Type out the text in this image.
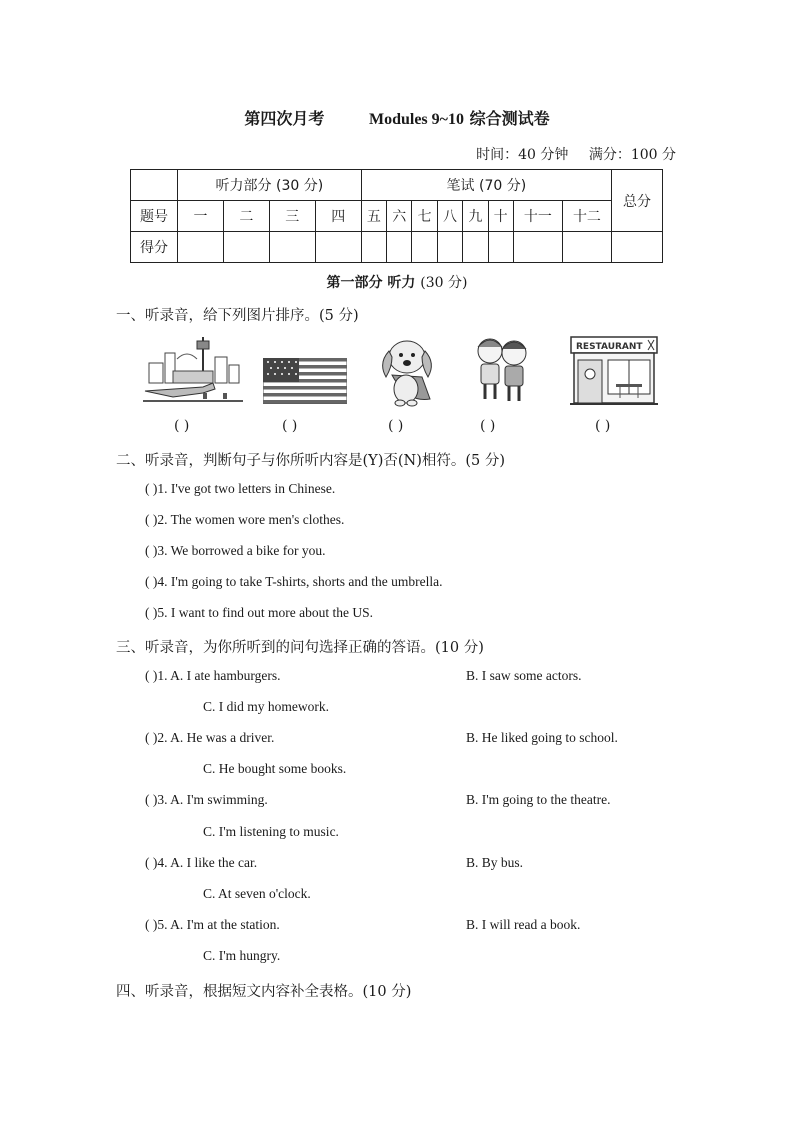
第四次月考	Modules 9~10 综合测试卷
时间：40 分钟 满分：100 分
	听力部分 (30 分)				笔试 (70 分)								总分
题号	一	二	三	四	五	六	七	八	九	十	十一	十二	
得分													
第一部分 听力 (30 分)
一、听录音，给下列图片排序。(5 分)
RESTAURANT
( )	( )	( )	( )	( )
二、听录音，判断句子与你所听内容是(Y)否(N)相符。(5 分)
( )1. I've got two letters in Chinese.
( )2. The women wore men's clothes.
( )3. We borrowed a bike for you.
( )4. I'm going to take T-shirts, shorts and the umbrella.
( )5. I want to find out more about the US.
三、听录音，为你所听到的问句选择正确的答语。(10 分)
( )1. A. I ate hamburgers.	B. I saw some actors.
C. I did my homework.
( )2. A. He was a driver.	B. He liked going to school.
C. He bought some books.
( )3. A. I'm swimming.	B. I'm going to the theatre.
C. I'm listening to music.
( )4. A. I like the car.	B. By bus.
C. At seven o'clock.
( )5. A. I'm at the station.	B. I will read a book.
C. I'm hungry.
四、听录音，根据短文内容补全表格。(10 分)
